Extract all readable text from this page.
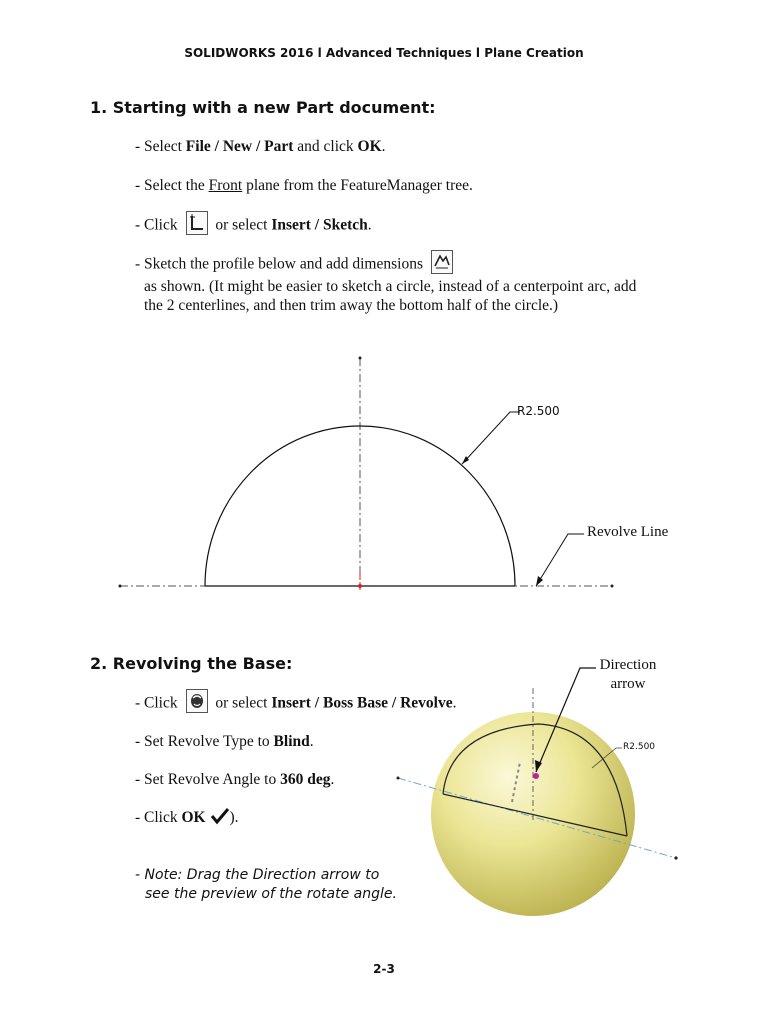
SOLIDWORKS 2016 l Advanced Techniques l Plane Creation
1. Starting with a new Part document:
- Select File / New / Part and click OK.
- Select the Front plane from the FeatureManager tree.
- Click or select Insert / Sketch.
- Sketch the profile below and add dimensions
as shown. (It might be easier to sketch a circle, instead of a centerpoint arc, add
the 2 centerlines, and then trim away the bottom half of the circle.)
R2.500
Revolve Line
2. Revolving the Base:
- Click or select Insert / Boss Base / Revolve.
- Set Revolve Type to Blind.
- Set Revolve Angle to 360 deg.
- Click OK ).
- Note: Drag the Direction arrow to
see the preview of the rotate angle.
Direction
arrow
R2.500
2-3
